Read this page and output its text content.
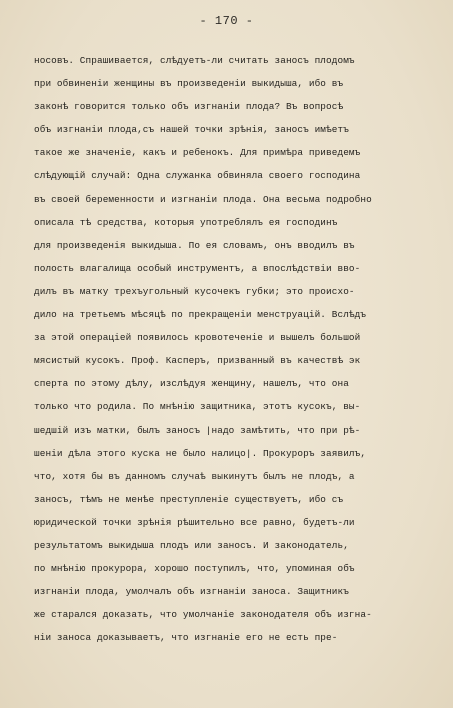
- 170 -
носовъ. Спрашивается, слѣдуетъ-ли считать заносъ плодомъ
при обвиненіи женщины въ произведеніи выкидыша, ибо въ
законѣ говорится только объ изгнаніи плода? Въ вопросѣ
объ изгнаніи плода,съ нашей точки зрѣнія, заносъ имѣетъ
такое же значеніе, какъ и ребенокъ. Для примѣра приведемъ
слѣдующій случай: Одна служанка обвиняла своего господина
въ своей беременности и изгнаніи плода. Она весьма подробно
описала тѣ средства, которыя употреблялъ ея господинъ
для произведенія выкидыша. По ея словамъ, онъ вводилъ въ
полость влагалища особый инструментъ, а впослѣдствіи вво-
дилъ въ матку трехъугольный кусочекъ губки; это происхо-
дило на третьемъ мѣсяцѣ по прекращеніи менструацій. Вслѣдъ
за этой операціей появилось кровотеченіе и вышелъ большой
мясистый кусокъ. Проф. Касперъ, призванный въ качествѣ эк
сперта по этому дѣлу, изслѣдуя женщину, нашелъ, что она
только что родила. По мнѣнію защитника, этотъ кусокъ, вы-
шедшій изъ матки, былъ заносъ |надо замѣтить, что при рѣ-
шеніи дѣла этого куска не было налицо|. Прокуроръ заявилъ,
что, хотя бы въ данномъ случаѣ выкинутъ былъ не плодъ, а
заносъ, тѣмъ не менѣе преступленіе существуетъ, ибо съ
юридической точки зрѣнія рѣшительно все равно, будетъ-ли
результатомъ выкидыша плодъ или заносъ. И законодатель,
по мнѣнію прокурора, хорошо поступилъ, что, упоминая объ
изгнаніи плода, умолчалъ объ изгнаніи заноса. Защитникъ
же старался доказать, что умолчаніе законодателя объ изгна-
ніи заноса доказываетъ, что изгнаніе его не есть пре-
